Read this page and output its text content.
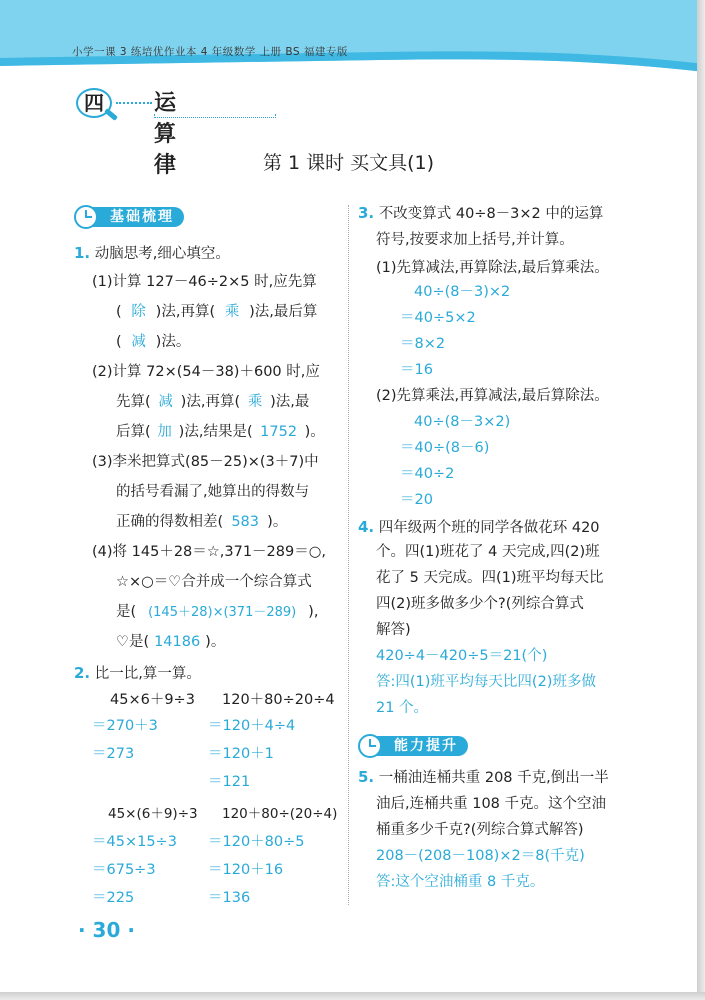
小学一课 3 练培优作业本 4 年级数学 上册 BS 福建专版
四	运算律	第 1 课时 买文具(1)
基础梳理
1. 动脑思考,细心填空。
(1)计算 127－46÷2×5 时,应先算
( 除 )法,再算( 乘 )法,最后算
( 减 )法。
(2)计算 72×(54－38)＋600 时,应
先算( 减 )法,再算( 乘 )法,最
后算( 加 )法,结果是( 1752 )。
(3)李米把算式(85－25)×(3＋7)中
的括号看漏了,她算出的得数与
正确的得数相差( 583 )。
(4)将 145＋28＝☆,371－289＝○,
☆×○＝♡合并成一个综合算式
是( (145＋28)×(371－289) ),
♡是( 14186 )。
2. 比一比,算一算。
45×6＋9÷3
＝270＋3
＝273
120＋80÷20÷4
＝120＋4÷4
＝120＋1
＝121
45×(6＋9)÷3
＝45×15÷3
＝675÷3
＝225
120＋80÷(20÷4)
＝120＋80÷5
＝120＋16
＝136
3. 不改变算式 40÷8－3×2 中的运算
符号,按要求加上括号,并计算。
(1)先算减法,再算除法,最后算乘法。
40÷(8－3)×2
＝40÷5×2
＝8×2
＝16
(2)先算乘法,再算减法,最后算除法。
40÷(8－3×2)
＝40÷(8－6)
＝40÷2
＝20
4. 四年级两个班的同学各做花环 420
个。四(1)班花了 4 天完成,四(2)班
花了 5 天完成。四(1)班平均每天比
四(2)班多做多少个?(列综合算式
解答)
420÷4－420÷5＝21(个)
答:四(1)班平均每天比四(2)班多做
21 个。
能力提升
5. 一桶油连桶共重 208 千克,倒出一半
油后,连桶共重 108 千克。这个空油
桶重多少千克?(列综合算式解答)
208－(208－108)×2＝8(千克)
答:这个空油桶重 8 千克。
· 30 ·
